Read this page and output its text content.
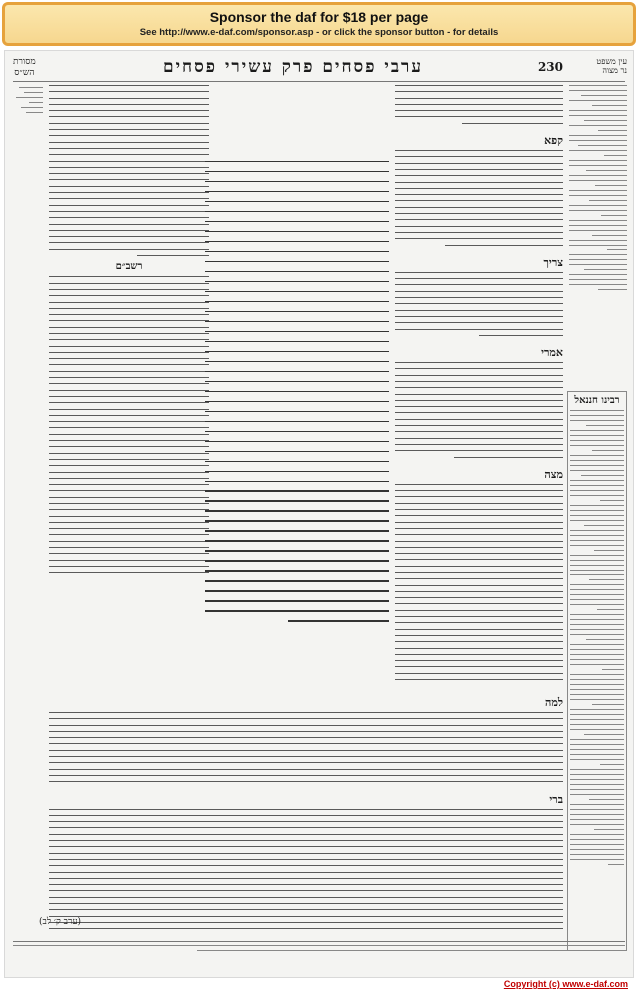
Sponsor the daf for $18 per page
See http://www.e-daf.com/sponsor.asp - or click the sponsor button - for details
230
ערבי פסחים פרק עשירי פסחים
מסורת
הש״ס
עין משפט
נר מצוה
רבינו חננאל
קפא
צריך
אמרי
מצה
רשב״ם
למה
ברי
(ערב ק׳ לב)
Copyright (c) www.e-daf.com
